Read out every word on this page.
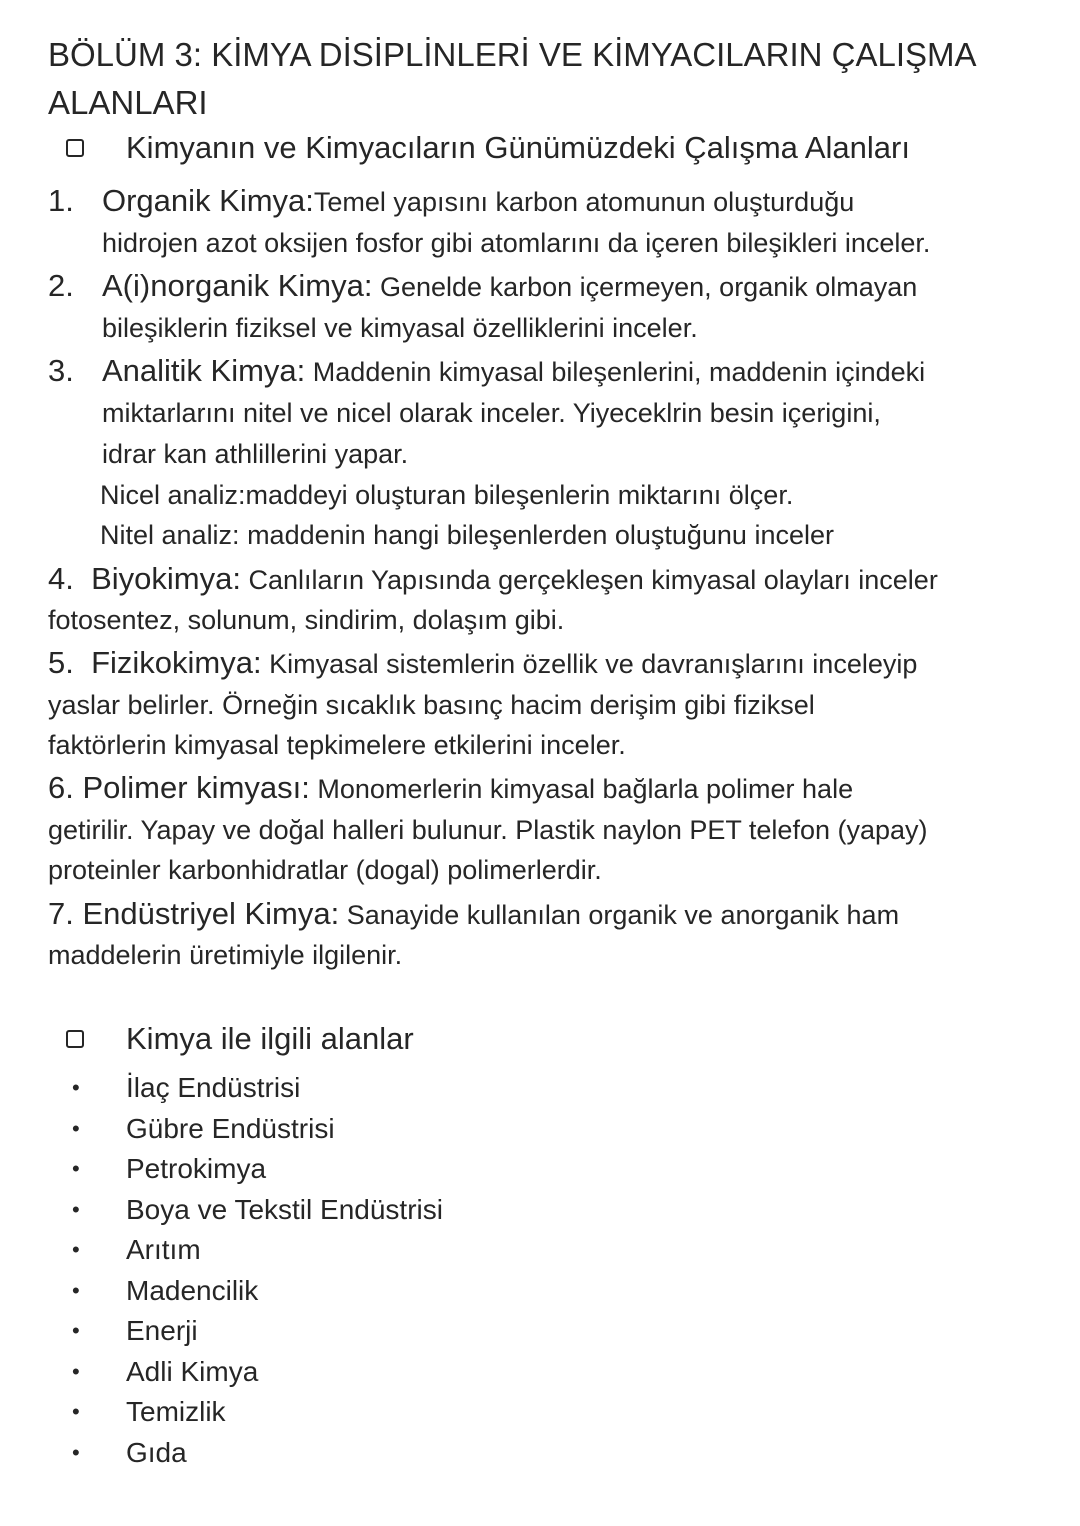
BÖLÜM 3: KİMYA DİSİPLİNLERİ VE KİMYACILARIN ÇALIŞMA
ALANLARI
Kimyanın ve Kimyacıların Günümüzdeki Çalışma Alanları
1. Organik Kimya:Temel yapısını karbon atomunun oluşturduğu
hidrojen azot oksijen fosfor gibi atomlarını da içeren bileşikleri inceler.
2. A(i)norganik Kimya: Genelde karbon içermeyen, organik olmayan
bileşiklerin fiziksel ve kimyasal özelliklerini inceler.
3. Analitik Kimya: Maddenin kimyasal bileşenlerini, maddenin içindeki
miktarlarını nitel ve nicel olarak inceler. Yiyeceklrin besin içerigini,
idrar kan athlillerini yapar.
Nicel analiz:maddeyi oluşturan bileşenlerin miktarını ölçer.
Nitel analiz: maddenin hangi bileşenlerden oluştuğunu inceler
4. Biyokimya: Canlıların Yapısında gerçekleşen kimyasal olayları inceler
fotosentez, solunum, sindirim, dolaşım gibi.
5. Fizikokimya: Kimyasal sistemlerin özellik ve davranışlarını inceleyip
yaslar belirler. Örneğin sıcaklık basınç hacim derişim gibi fiziksel
faktörlerin kimyasal tepkimelere etkilerini inceler.
6. Polimer kimyası: Monomerlerin kimyasal bağlarla polimer hale
getirilir. Yapay ve doğal halleri bulunur. Plastik naylon PET telefon (yapay)
proteinler karbonhidratlar (dogal) polimerlerdir.
7. Endüstriyel Kimya: Sanayide kullanılan organik ve anorganik ham
maddelerin üretimiyle ilgilenir.
Kimya ile ilgili alanlar
• İlaç Endüstrisi
• Gübre Endüstrisi
• Petrokimya
• Boya ve Tekstil Endüstrisi
• Arıtım
• Madencilik
• Enerji
• Adli Kimya
• Temizlik
• Gıda
